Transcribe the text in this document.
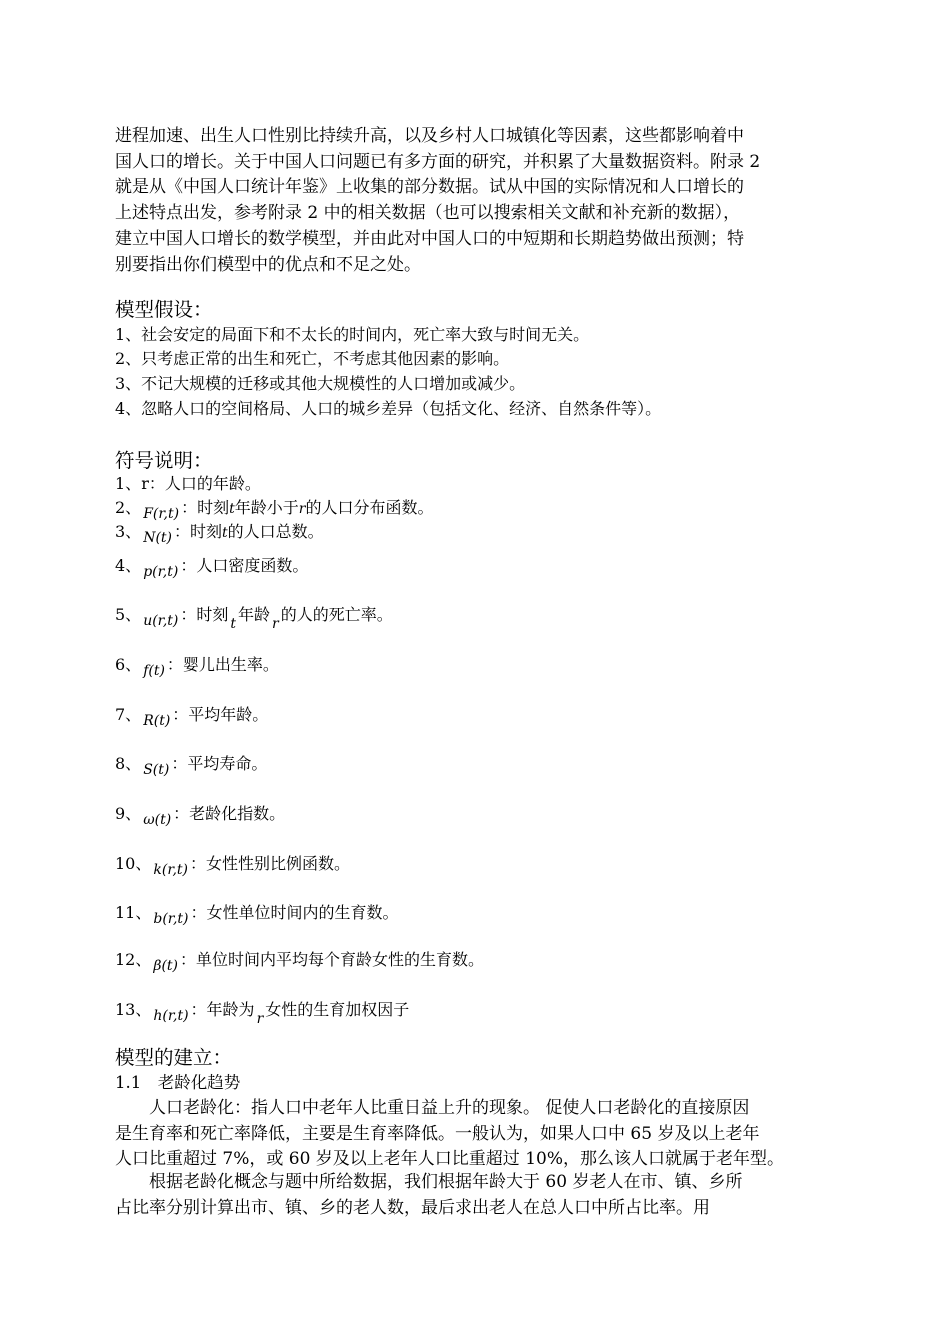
进程加速、出生人口性别比持续升高，以及乡村人口城镇化等因素，这些都影响着中
国人口的增长。关于中国人口问题已有多方面的研究，并积累了大量数据资料。附录 2
就是从《中国人口统计年鉴》上收集的部分数据。试从中国的实际情况和人口增长的
上述特点出发，参考附录 2 中的相关数据（也可以搜索相关文献和补充新的数据），
建立中国人口增长的数学模型，并由此对中国人口的中短期和长期趋势做出预测；特
别要指出你们模型中的优点和不足之处。
模型假设：
1、社会安定的局面下和不太长的时间内，死亡率大致与时间无关。
2、只考虑正常的出生和死亡，不考虑其他因素的影响。
3、不记大规模的迁移或其他大规模性的人口增加或减少。
4、忽略人口的空间格局、人口的城乡差异（包括文化、经济、自然条件等）。
符号说明：
1、r：人口的年龄。
2、 F(r,t) ：时刻t年龄小于r的人口分布函数。
3、 N(t) ：时刻t的人口总数。
4、 p(r,t) ：人口密度函数。
5、 u(r,t) ：时刻 t 年龄 r 的人的死亡率。
6、 f(t) ：婴儿出生率。
7、 R(t) ：平均年龄。
8、 S(t) ：平均寿命。
9、 ω(t) ：老龄化指数。
10、 k(r,t) ：女性性别比例函数。
11、 b(r,t) ：女性单位时间内的生育数。
12、 β(t) ：单位时间内平均每个育龄女性的生育数。
13、 h(r,t) ：年龄为 r 女性的生育加权因子
模型的建立：
1.1　老龄化趋势
　　人口老龄化：指人口中老年人比重日益上升的现象。 促使人口老龄化的直接原因
是生育率和死亡率降低，主要是生育率降低。一般认为，如果人口中 65 岁及以上老年
人口比重超过 7%，或 60 岁及以上老年人口比重超过 10%，那么该人口就属于老年型。
　　根据老龄化概念与题中所给数据，我们根据年龄大于 60 岁老人在市、镇、乡所
占比率分别计算出市、镇、乡的老人数，最后求出老人在总人口中所占比率。用
